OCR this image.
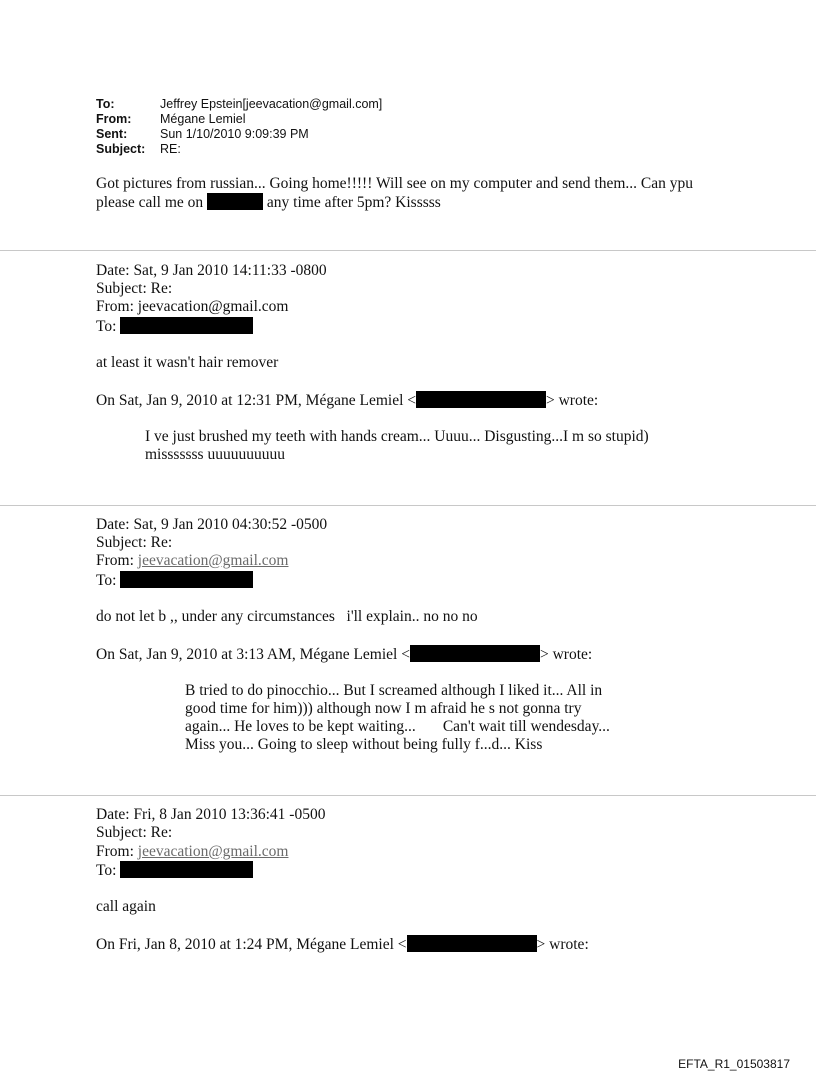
To:	Jeffrey Epstein[jeevacation@gmail.com]
From: Mégane Lemiel
Sent:	Sun 1/10/2010 9:09:39 PM
Subject: RE:
Got pictures from russian... Going home!!!!! Will see on my computer and send them... Can ypu
please call me on	any time after 5pm? Kisssss
Date: Sat, 9 Jan 2010 14:11:33 -0800
Subject: Re:
From: jeevacation@gmail.com
To:
at least it wasn't hair remover
On Sat, Jan 9, 2010 at 12:31 PM, Mégane Lemiel <	> wrote:
I ve just brushed my teeth with hands cream... Uuuu... Disgusting...I m so stupid)
misssssss uuuuuuuuuu
Date: Sat, 9 Jan 2010 04:30:52 -0500
Subject: Re:
From: jeevacation@gmail.com
To:
do not let b ,, under any circumstances   i'll explain.. no no no
On Sat, Jan 9, 2010 at 3:13 AM, Mégane Lemiel <	> wrote:
B tried to do pinocchio... But I screamed although I liked it... All in
good time for him))) although now I m afraid he s not gonna try
again... He loves to be kept waiting...       Can't wait till wendesday...
Miss you... Going to sleep without being fully f...d... Kiss
Date: Fri, 8 Jan 2010 13:36:41 -0500
Subject: Re:
From: jeevacation@gmail.com
To:
call again
On Fri, Jan 8, 2010 at 1:24 PM, Mégane Lemiel <	> wrote:
EFTA_R1_01503817
